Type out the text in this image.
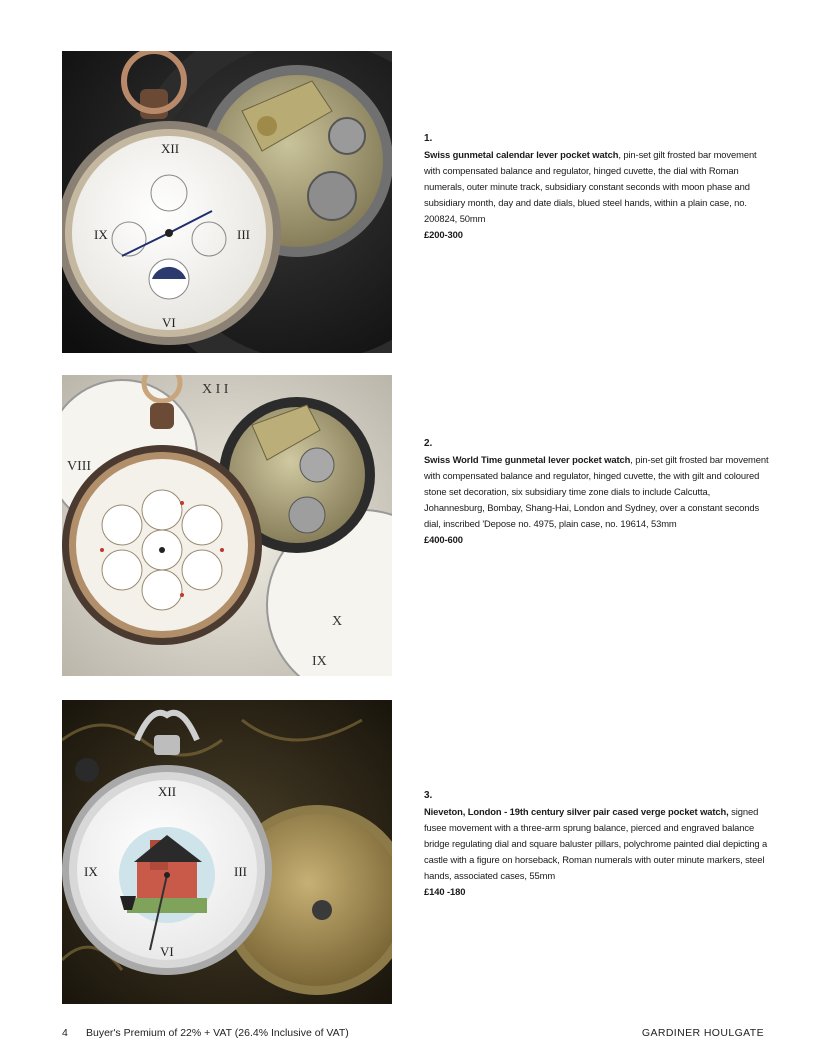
XII
III
VI
IX
1.
Swiss gunmetal calendar lever pocket watch, pin-set gilt frosted bar movement with compensated balance and regulator, hinged cuvette, the dial with Roman numerals, outer minute track, subsidiary constant seconds with moon phase and subsidiary month, day and date dials, blued steel hands, within a plain case, no. 200824, 50mm
£200-300
X I I
VIII
X
IX
2.
Swiss World Time gunmetal lever pocket watch, pin-set gilt frosted bar movement with compensated balance and regulator, hinged cuvette, the with gilt and coloured stone set decoration, six subsidiary time zone dials to include Calcutta, Johannesburg, Bombay, Shang-Hai, London and Sydney, over a constant seconds dial, inscribed 'Depose no. 4975, plain case, no. 19614, 53mm
£400-600
XII
III
VI
IX
3.
Nieveton, London - 19th century silver pair cased verge pocket watch, signed fusee movement with a three-arm sprung balance, pierced and engraved balance bridge regulating dial and square baluster pillars, polychrome painted dial depicting a castle with a figure on horseback, Roman numerals with outer minute markers, steel hands, associated cases, 55mm
£140 -180
4 Buyer's Premium of 22% + VAT (26.4% Inclusive of VAT)	GARDINER HOULGATE
